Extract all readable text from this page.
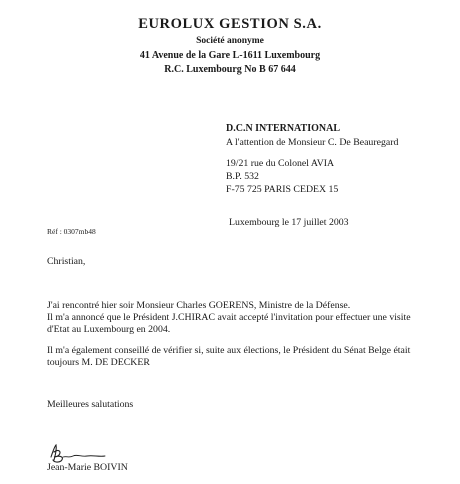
EUROLUX GESTION S.A.
Société anonyme
41 Avenue de la Gare L-1611 Luxembourg
R.C. Luxembourg No B 67 644
D.C.N INTERNATIONAL
A l'attention de Monsieur C. De Beauregard
19/21 rue du Colonel AVIA
B.P. 532
F-75 725 PARIS CEDEX 15
Luxembourg le 17 juillet 2003
Réf : 0307mb48
Christian,
J'ai rencontré hier soir Monsieur Charles GOERENS, Ministre de la Défense.
Il m'a annoncé que le Président J.CHIRAC avait accepté l'invitation pour effectuer une visite
d'Etat au Luxembourg en 2004.
Il m'a également conseillé de vérifier si, suite aux élections, le Président du Sénat Belge était
toujours M. DE DECKER
Meilleures salutations
Jean-Marie BOIVIN
